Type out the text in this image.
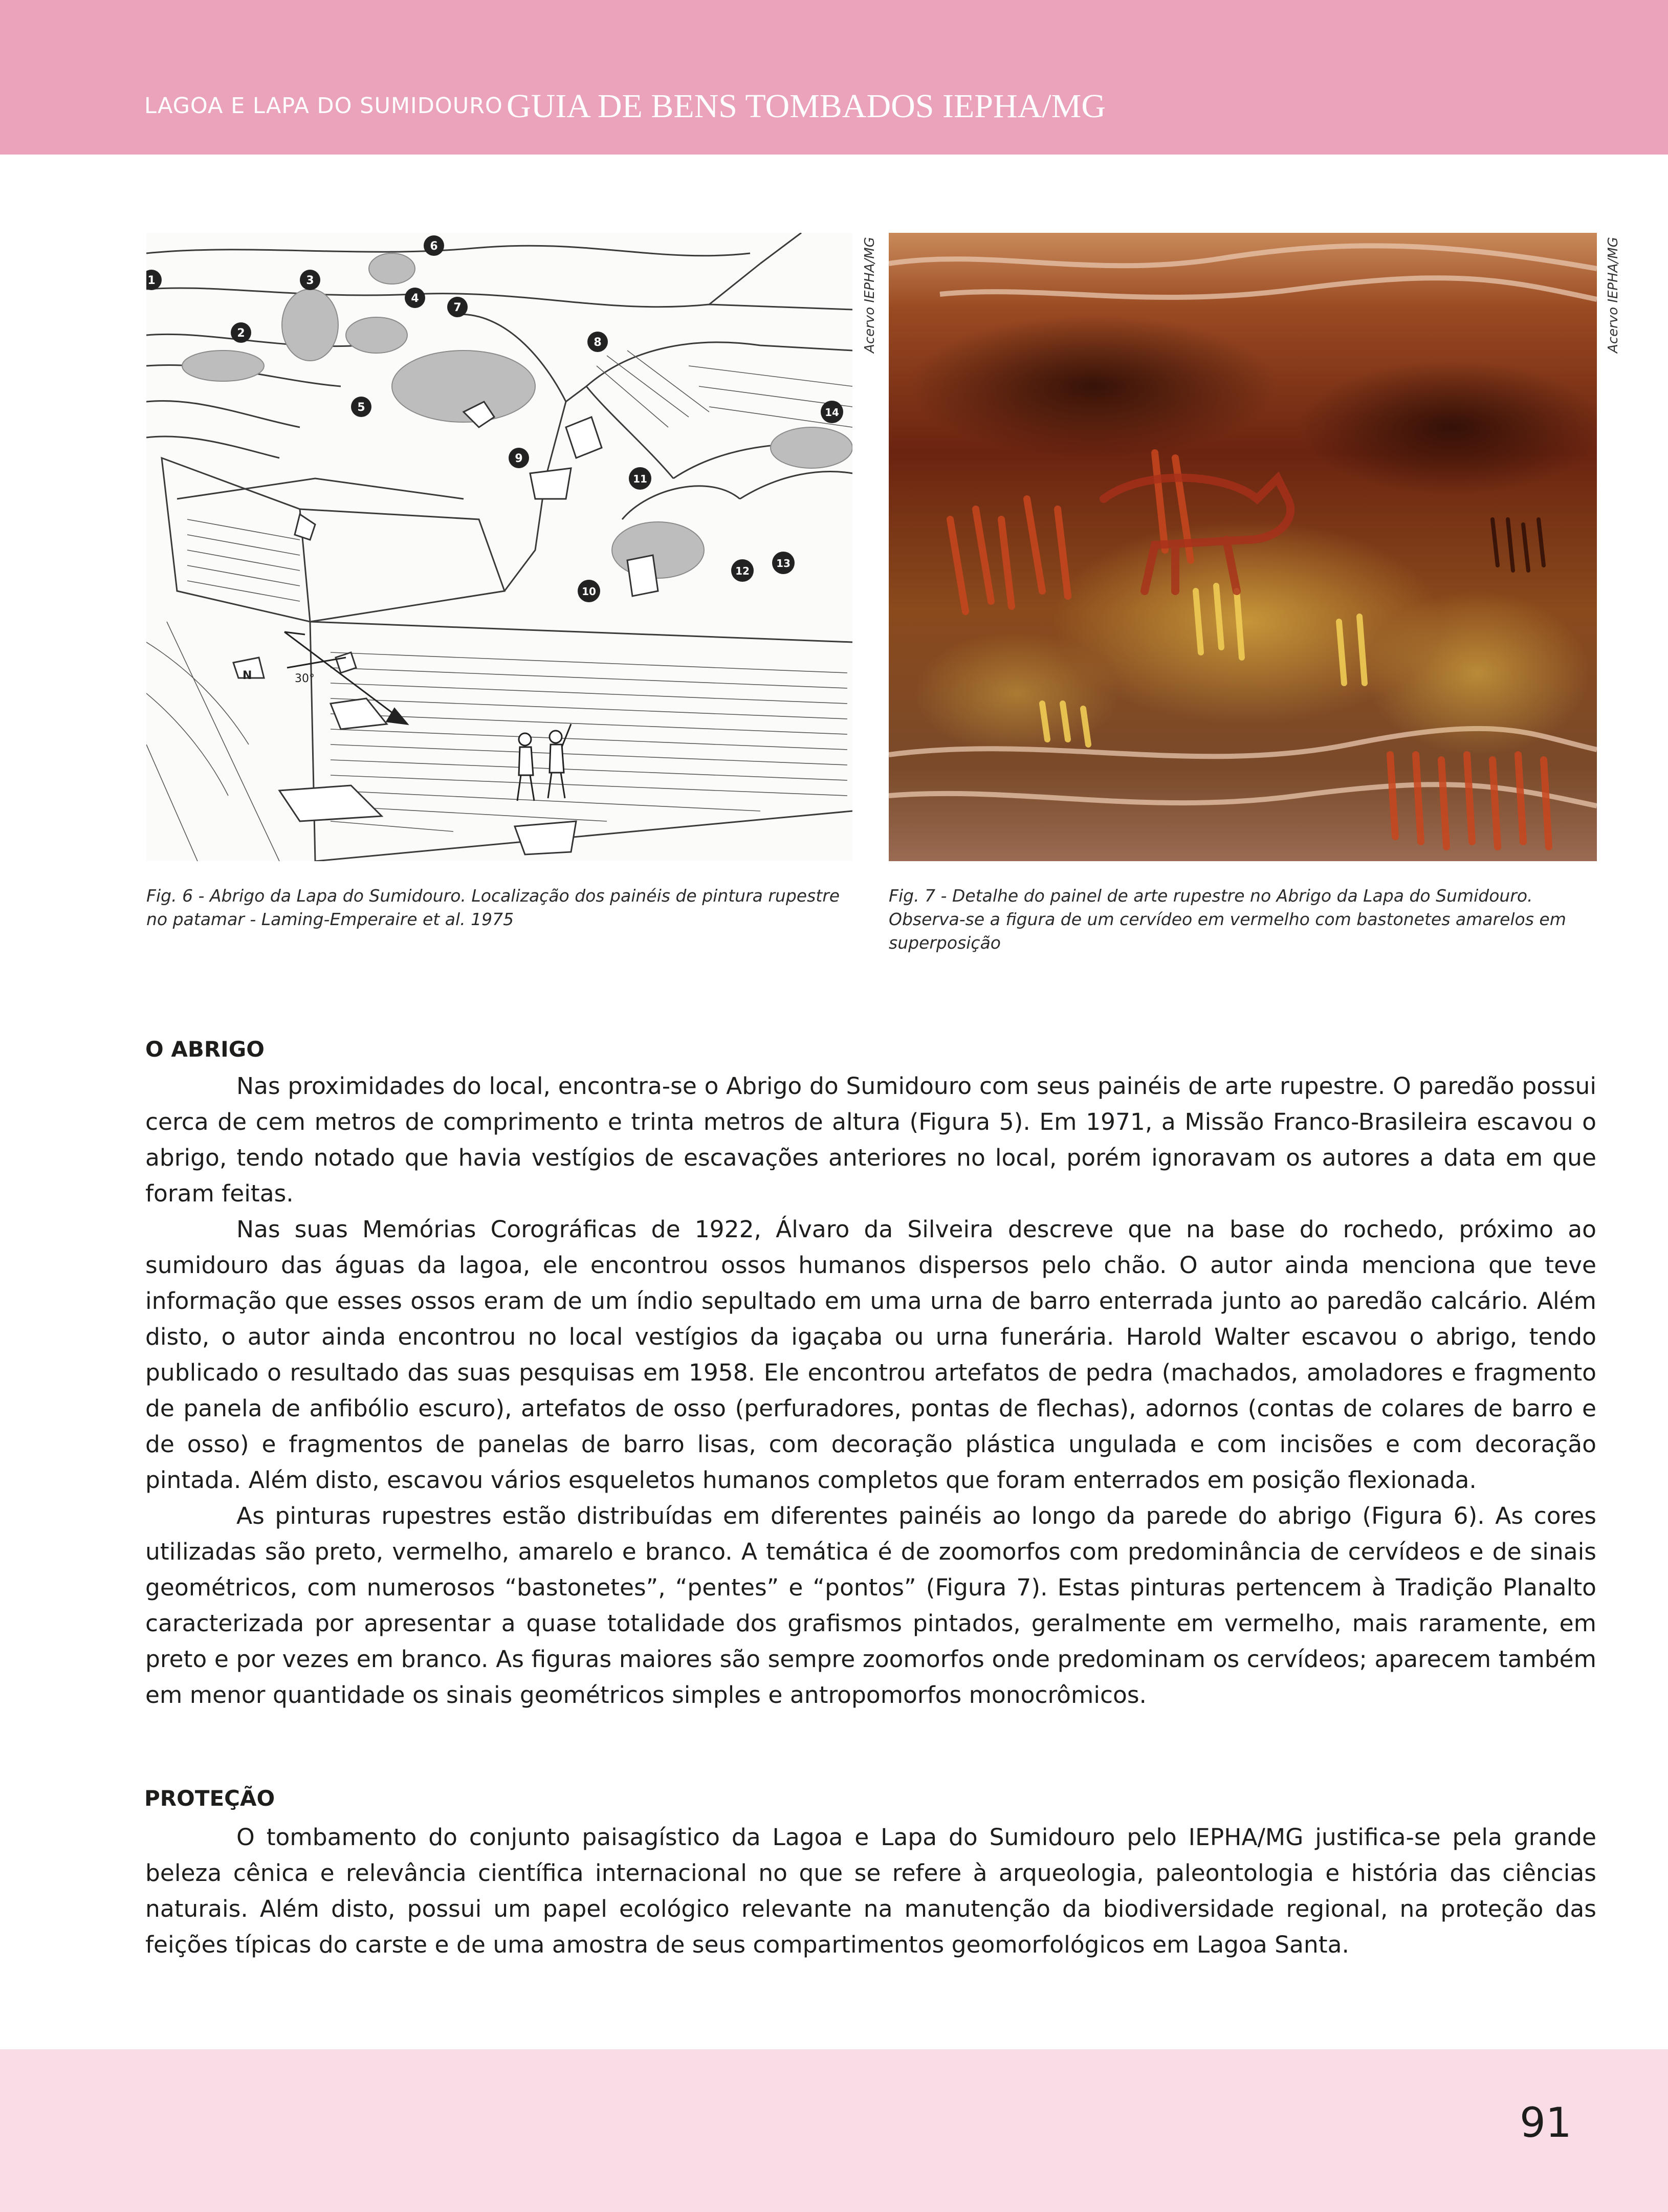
LAGOA E LAPA DO SUMIDOURO GUIA DE BENS TOMBADOS IEPHA/MG
N	30°
1
2
3
4
5
6
7
8
9
10
11
12
13
14
Acervo IEPHA/MG	Acervo IEPHA/MG
Fig. 6 - Abrigo da Lapa do Sumidouro. Localização dos painéis de pintura rupestre no patamar - Laming-Emperaire et al. 1975
Fig. 7 - Detalhe do painel de arte rupestre no Abrigo da Lapa do Sumidouro. Observa-se a figura de um cervídeo em vermelho com bastonetes amarelos em superposição
O ABRIGO

Nas proximidades do local, encontra-se o Abrigo do Sumidouro com seus painéis de arte rupestre. O paredão possui cerca de cem metros de comprimento e trinta metros de altura (Figura 5). Em 1971, a Missão Franco-Brasileira escavou o abrigo, tendo notado que havia vestígios de escavações anteriores no local, porém ignoravam os autores a data em que foram feitas.

Nas suas Memórias Corográficas de 1922, Álvaro da Silveira descreve que na base do rochedo, próximo ao sumidouro das águas da lagoa, ele encontrou ossos humanos dispersos pelo chão. O autor ainda menciona que teve informação que esses ossos eram de um índio sepultado em uma urna de barro enterrada junto ao paredão calcário. Além disto, o autor ainda encontrou no local vestígios da igaçaba ou urna funerária. Harold Walter escavou o abrigo, tendo publicado o resultado das suas pesquisas em 1958. Ele encontrou artefatos de pedra (machados, amoladores e fragmento de panela de anfibólio escuro), artefatos de osso (perfuradores, pontas de flechas), adornos (contas de colares de barro e de osso) e fragmentos de panelas de barro lisas, com decoração plástica ungulada e com incisões e com decoração pintada. Além disto, escavou vários esqueletos humanos completos que foram enterrados em posição flexionada.

As pinturas rupestres estão distribuídas em diferentes painéis ao longo da parede do abrigo (Figura 6). As cores utilizadas são preto, vermelho, amarelo e branco. A temática é de zoomorfos com predominância de cervídeos e de sinais geométricos, com numerosos “bastonetes”, “pentes” e “pontos” (Figura 7). Estas pinturas pertencem à Tradição Planalto caracterizada por apresentar a quase totalidade dos grafismos pintados, geralmente em vermelho, mais raramente, em preto e por vezes em branco. As figuras maiores são sempre zoomorfos onde predominam os cervídeos; aparecem também em menor quantidade os sinais geométricos simples e antropomorfos monocrômicos.

PROTEÇÃO

O tombamento do conjunto paisagístico da Lagoa e Lapa do Sumidouro pelo IEPHA/MG justifica-se pela grande beleza cênica e relevância científica internacional no que se refere à arqueologia, paleontologia e história das ciências naturais. Além disto, possui um papel ecológico relevante na manutenção da biodiversidade regional, na proteção das feições típicas do carste e de uma amostra de seus compartimentos geomorfológicos em Lagoa Santa.

91
